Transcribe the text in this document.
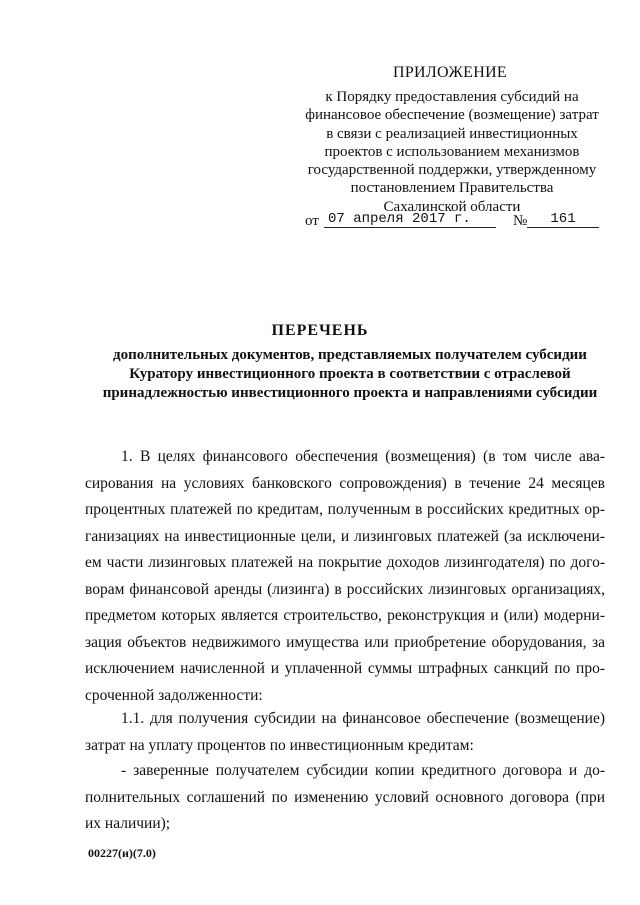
ПРИЛОЖЕНИЕ
к Порядку предоставления субсидий на
финансовое обеспечение (возмещение) затрат
в связи с реализацией инвестиционных
проектов с использованием механизмов
государственной поддержки, утвержденному
постановлением Правительства
Сахалинской области
от 07 апреля 2017 г.	№	161
ПЕРЕЧЕНЬ
дополнительных документов, представляемых получателем субсидии
Куратору инвестиционного проекта в соответствии с отраслевой
принадлежностью инвестиционного проекта и направлениями субсидии
1. В целях финансового обеспечения (возмещения) (в том числе ава-
сирования на условиях банковского сопровождения) в течение 24 месяцев
процентных платежей по кредитам, полученным в российских кредитных ор-
ганизациях на инвестиционные цели, и лизинговых платежей (за исключени-
ем части лизинговых платежей на покрытие доходов лизингодателя) по дого-
ворам финансовой аренды (лизинга) в российских лизинговых организациях,
предметом которых является строительство, реконструкция и (или) модерни-
зация объектов недвижимого имущества или приобретение оборудования, за
исключением начисленной и уплаченной суммы штрафных санкций по про-
сроченной задолженности:
1.1. для получения субсидии на финансовое обеспечение (возмещение)
затрат на уплату процентов по инвестиционным кредитам:
- заверенные получателем субсидии копии кредитного договора и до-
полнительных соглашений по изменению условий основного договора (при
их наличии);
00227(и)(7.0)
